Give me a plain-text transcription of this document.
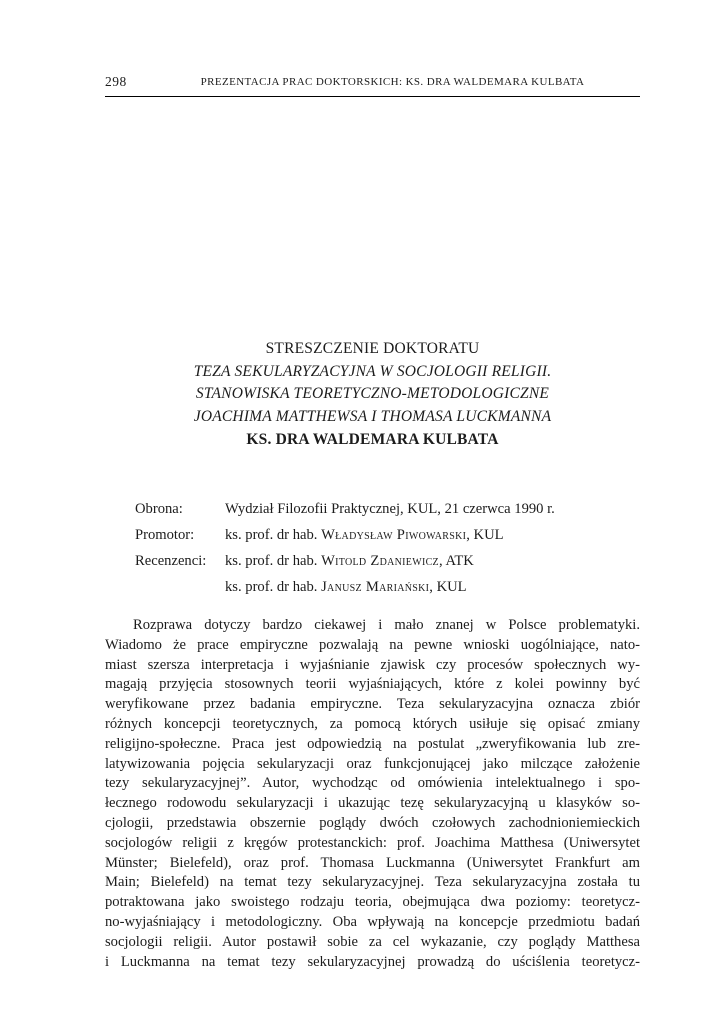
298	PREZENTACJA PRAC DOKTORSKICH: KS. DRA WALDEMARA KULBATA
STRESZCZENIE DOKTORATU
TEZA SEKULARYZACYJNA W SOCJOLOGII RELIGII.
STANOWISKA TEORETYCZNO-METODOLOGICZNE
JOACHIMA MATTHEWSA I THOMASA LUCKMANNA
KS. DRA WALDEMARA KULBATA
Obrona:	Wydział Filozofii Praktycznej, KUL, 21 czerwca 1990 r.
Promotor:	ks. prof. dr hab. Władysław Piwowarski, KUL
Recenzenci:	ks. prof. dr hab. Witold Zdaniewicz, ATK
ks. prof. dr hab. Janusz Mariański, KUL
Rozprawa dotyczy bardzo ciekawej i mało znanej w Polsce problematyki.
Wiadomo że prace empiryczne pozwalają na pewne wnioski uogólniające, nato-
miast szersza interpretacja i wyjaśnianie zjawisk czy procesów społecznych wy-
magają przyjęcia stosownych teorii wyjaśniających, które z kolei powinny być
weryfikowane przez badania empiryczne. Teza sekularyzacyjna oznacza zbiór
różnych koncepcji teoretycznych, za pomocą których usiłuje się opisać zmiany
religijno-społeczne. Praca jest odpowiedzią na postulat „zweryfikowania lub zre-
latywizowania pojęcia sekularyzacji oraz funkcjonującej jako milczące założenie
tezy sekularyzacyjnej”. Autor, wychodząc od omówienia intelektualnego i spo-
łecznego rodowodu sekularyzacji i ukazując tezę sekularyzacyjną u klasyków so-
cjologii, przedstawia obszernie poglądy dwóch czołowych zachodnioniemieckich
socjologów religii z kręgów protestanckich: prof. Joachima Matthesa (Uniwersytet
Münster; Bielefeld), oraz prof. Thomasa Luckmanna (Uniwersytet Frankfurt am
Main; Bielefeld) na temat tezy sekularyzacyjnej. Teza sekularyzacyjna została tu
potraktowana jako swoistego rodzaju teoria, obejmująca dwa poziomy: teoretycz-
no-wyjaśniający i metodologiczny. Oba wpływają na koncepcje przedmiotu badań
socjologii religii. Autor postawił sobie za cel wykazanie, czy poglądy Matthesa
i Luckmanna na temat tezy sekularyzacyjnej prowadzą do uściślenia teoretycz-
